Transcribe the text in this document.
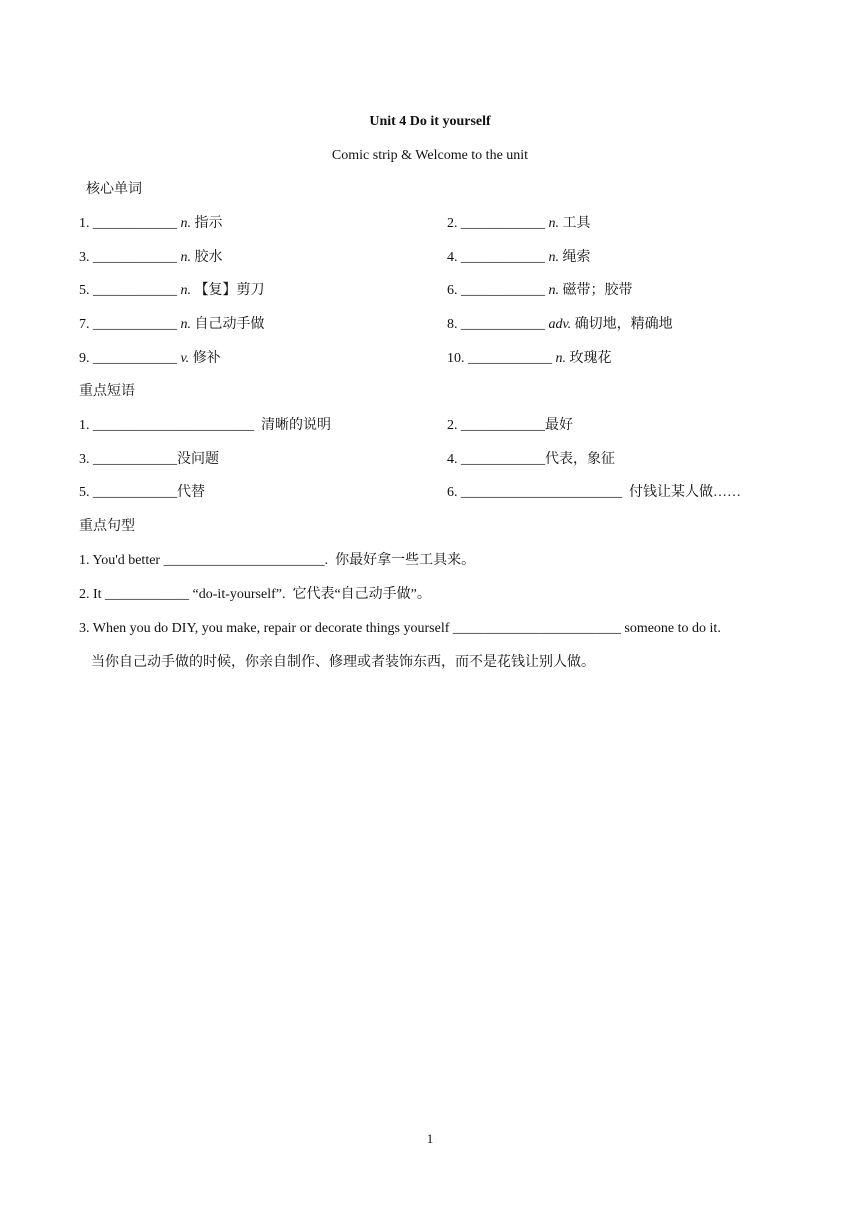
Unit 4 Do it yourself
Comic strip & Welcome to the unit
核心单词
1. ____________ n. 指示	2. ____________ n. 工具
3. ____________ n. 胶水	4. ____________ n. 绳索
5. ____________ n. 【复】剪刀	6. ____________ n. 磁带；胶带
7. ____________ n. 自己动手做	8. ____________ adv. 确切地，精确地
9. ____________ v. 修补	10. ____________ n. 玫瑰花
重点短语
1. _______________________ 清晰的说明	2. ____________最好
3. ____________没问题	4. ____________代表，象征
5. ____________代替	6. _______________________ 付钱让某人做……
重点句型
1. You'd better _______________________.  你最好拿一些工具来。
2. It ____________ “do-it-yourself”.  它代表“自己动手做”。
3. When you do DIY, you make, repair or decorate things yourself ________________________ someone to do it.
当你自己动手做的时候，你亲自制作、修理或者装饰东西，而不是花钱让别人做。
1
